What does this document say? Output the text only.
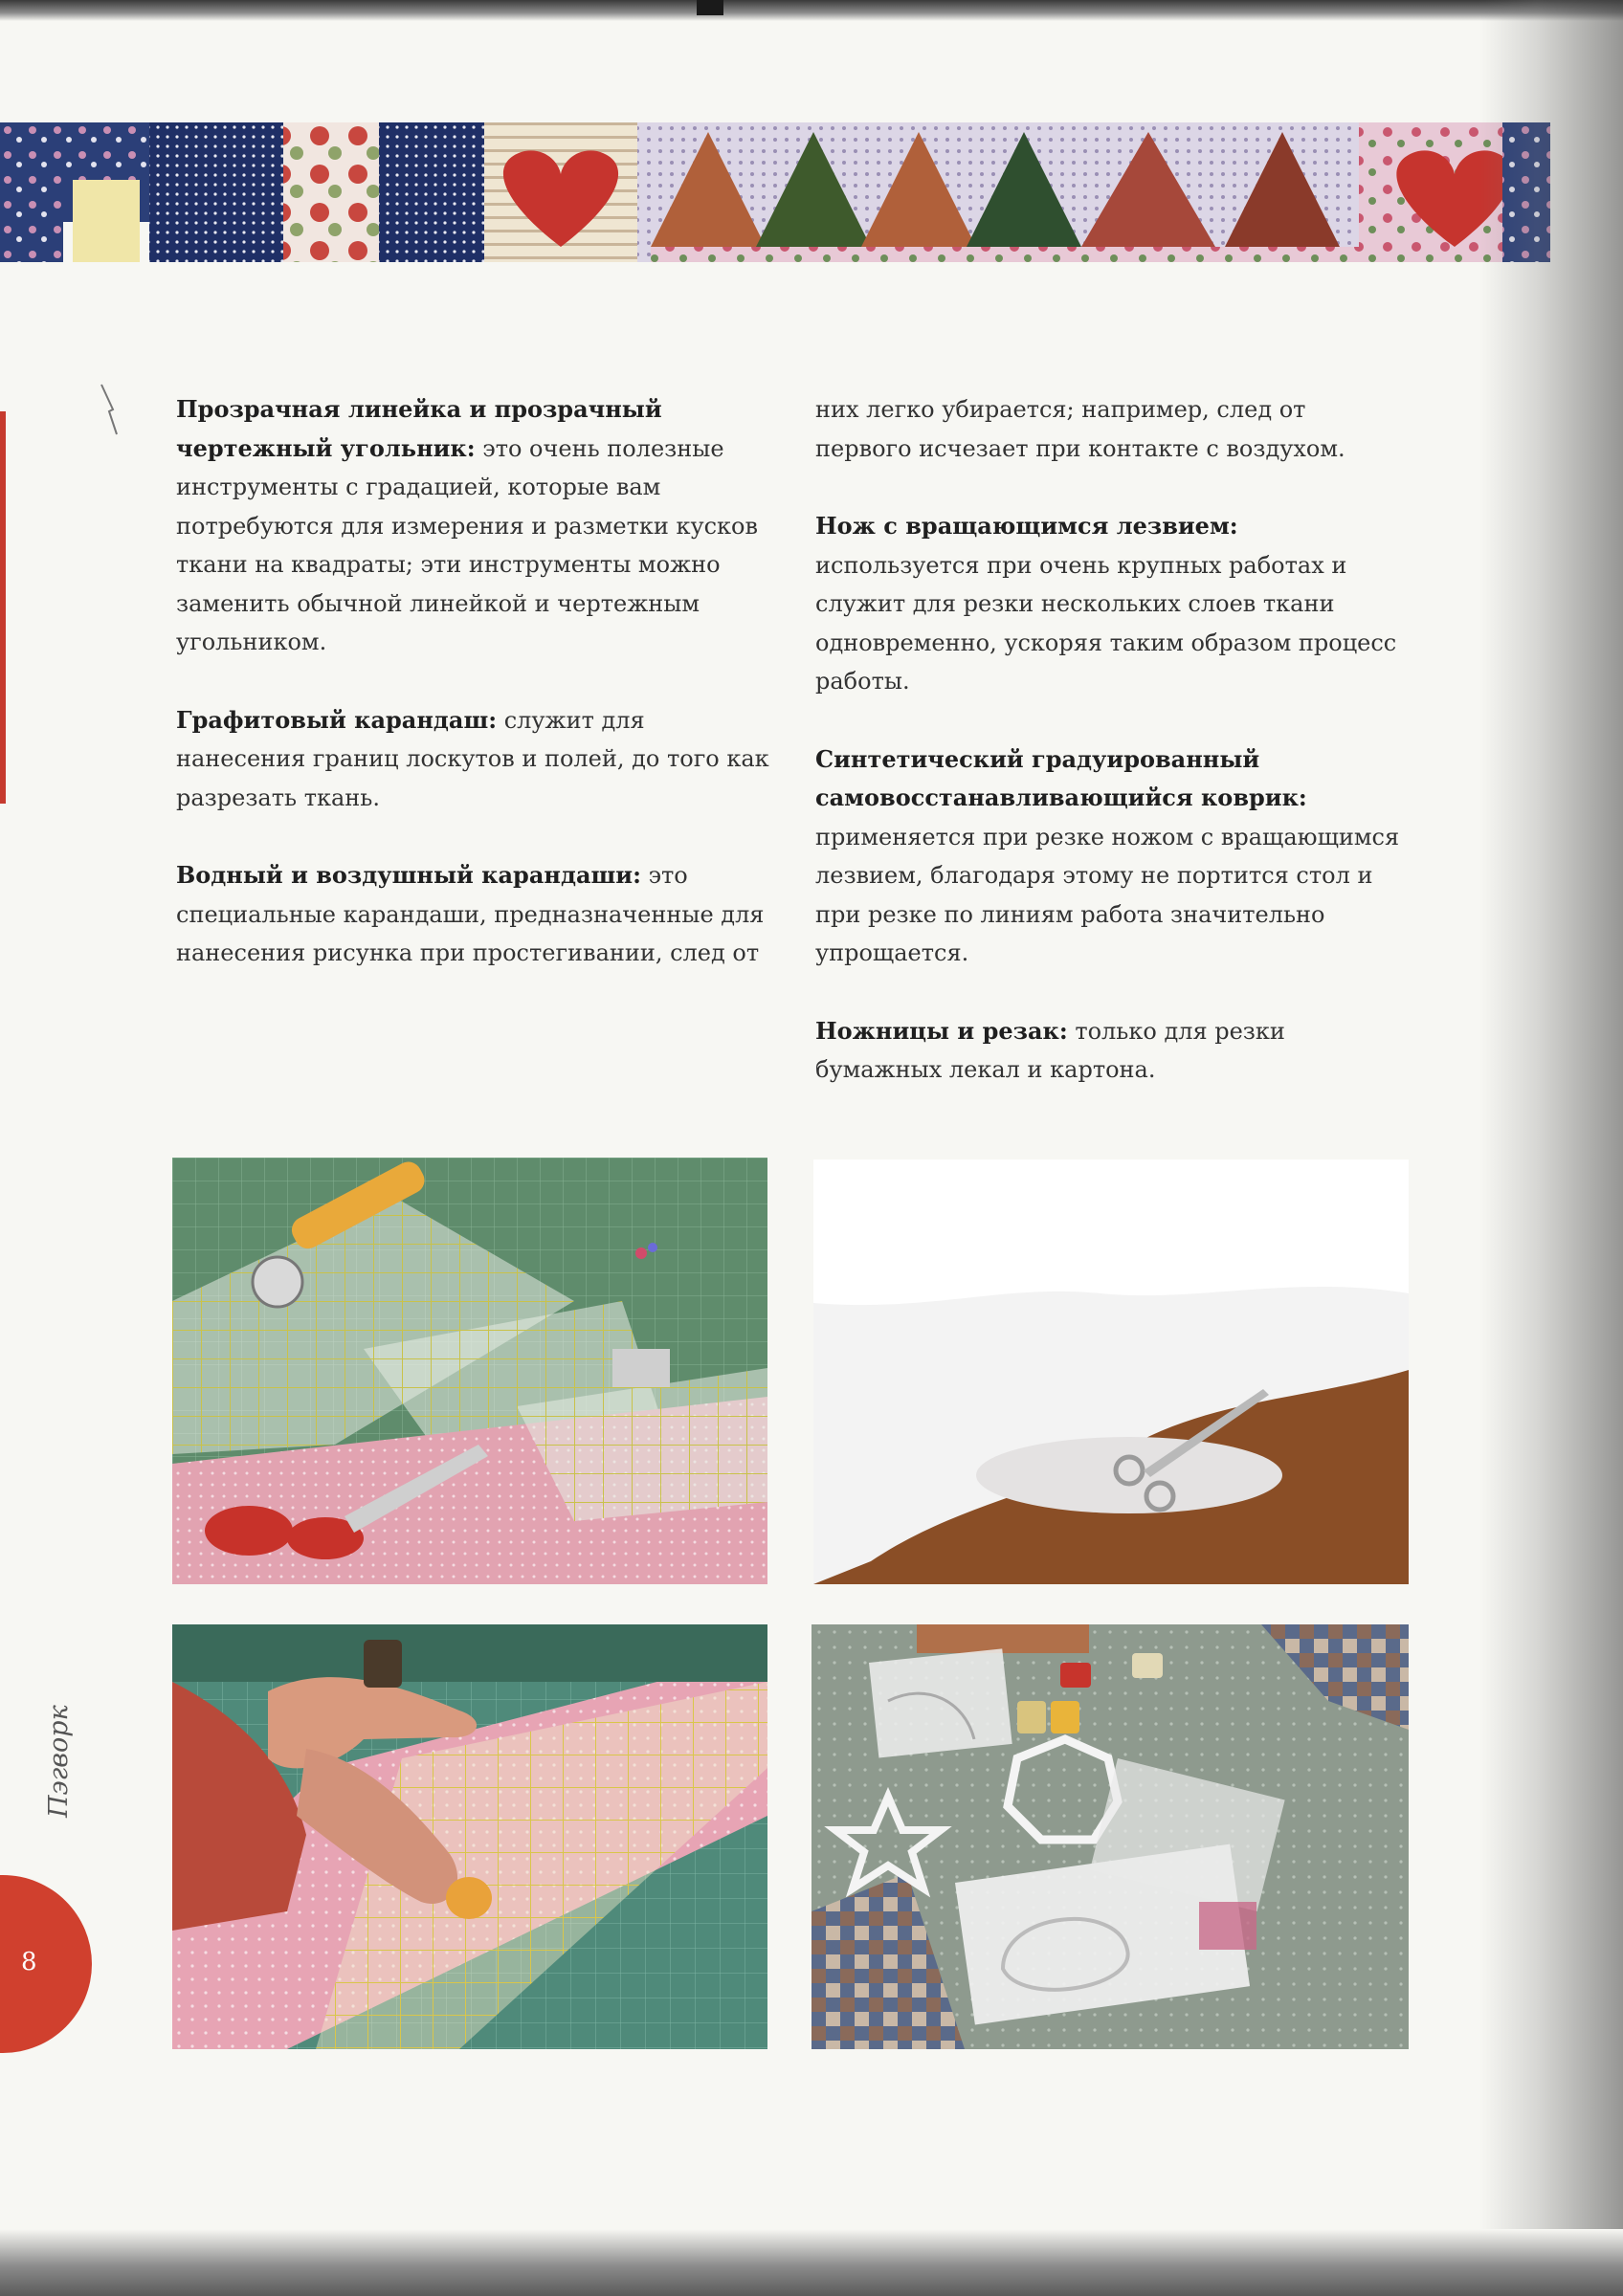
Прозрачная линейка и прозрачный чертежный угольник: это очень полезные инструменты с градацией, которые вам потребуются для измерения и разметки кусков ткани на квадраты; эти инструменты можно заменить обычной линейкой и чертежным угольником.

Графитовый карандаш: служит для нанесения границ лоскутов и полей, до того как разрезать ткань.

Водный и воздушный карандаши: это специальные карандаши, предназначенные для нанесения рисунка при простегивании, след от

них легко убирается; например, след от первого исчезает при контакте с воздухом.

Нож с вращающимся лезвием: используется при очень крупных работах и служит для резки нескольких слоев ткани одновременно, ускоряя таким образом процесс работы.

Синтетический градуированный самовосстанавливающийся коврик: применяется при резке ножом с вращающимся лезвием, благодаря этому не портится стол и при резке по линиям работа значительно упрощается.

Ножницы и резак: только для резки бумажных лекал и картона.

8
Пэгворк
